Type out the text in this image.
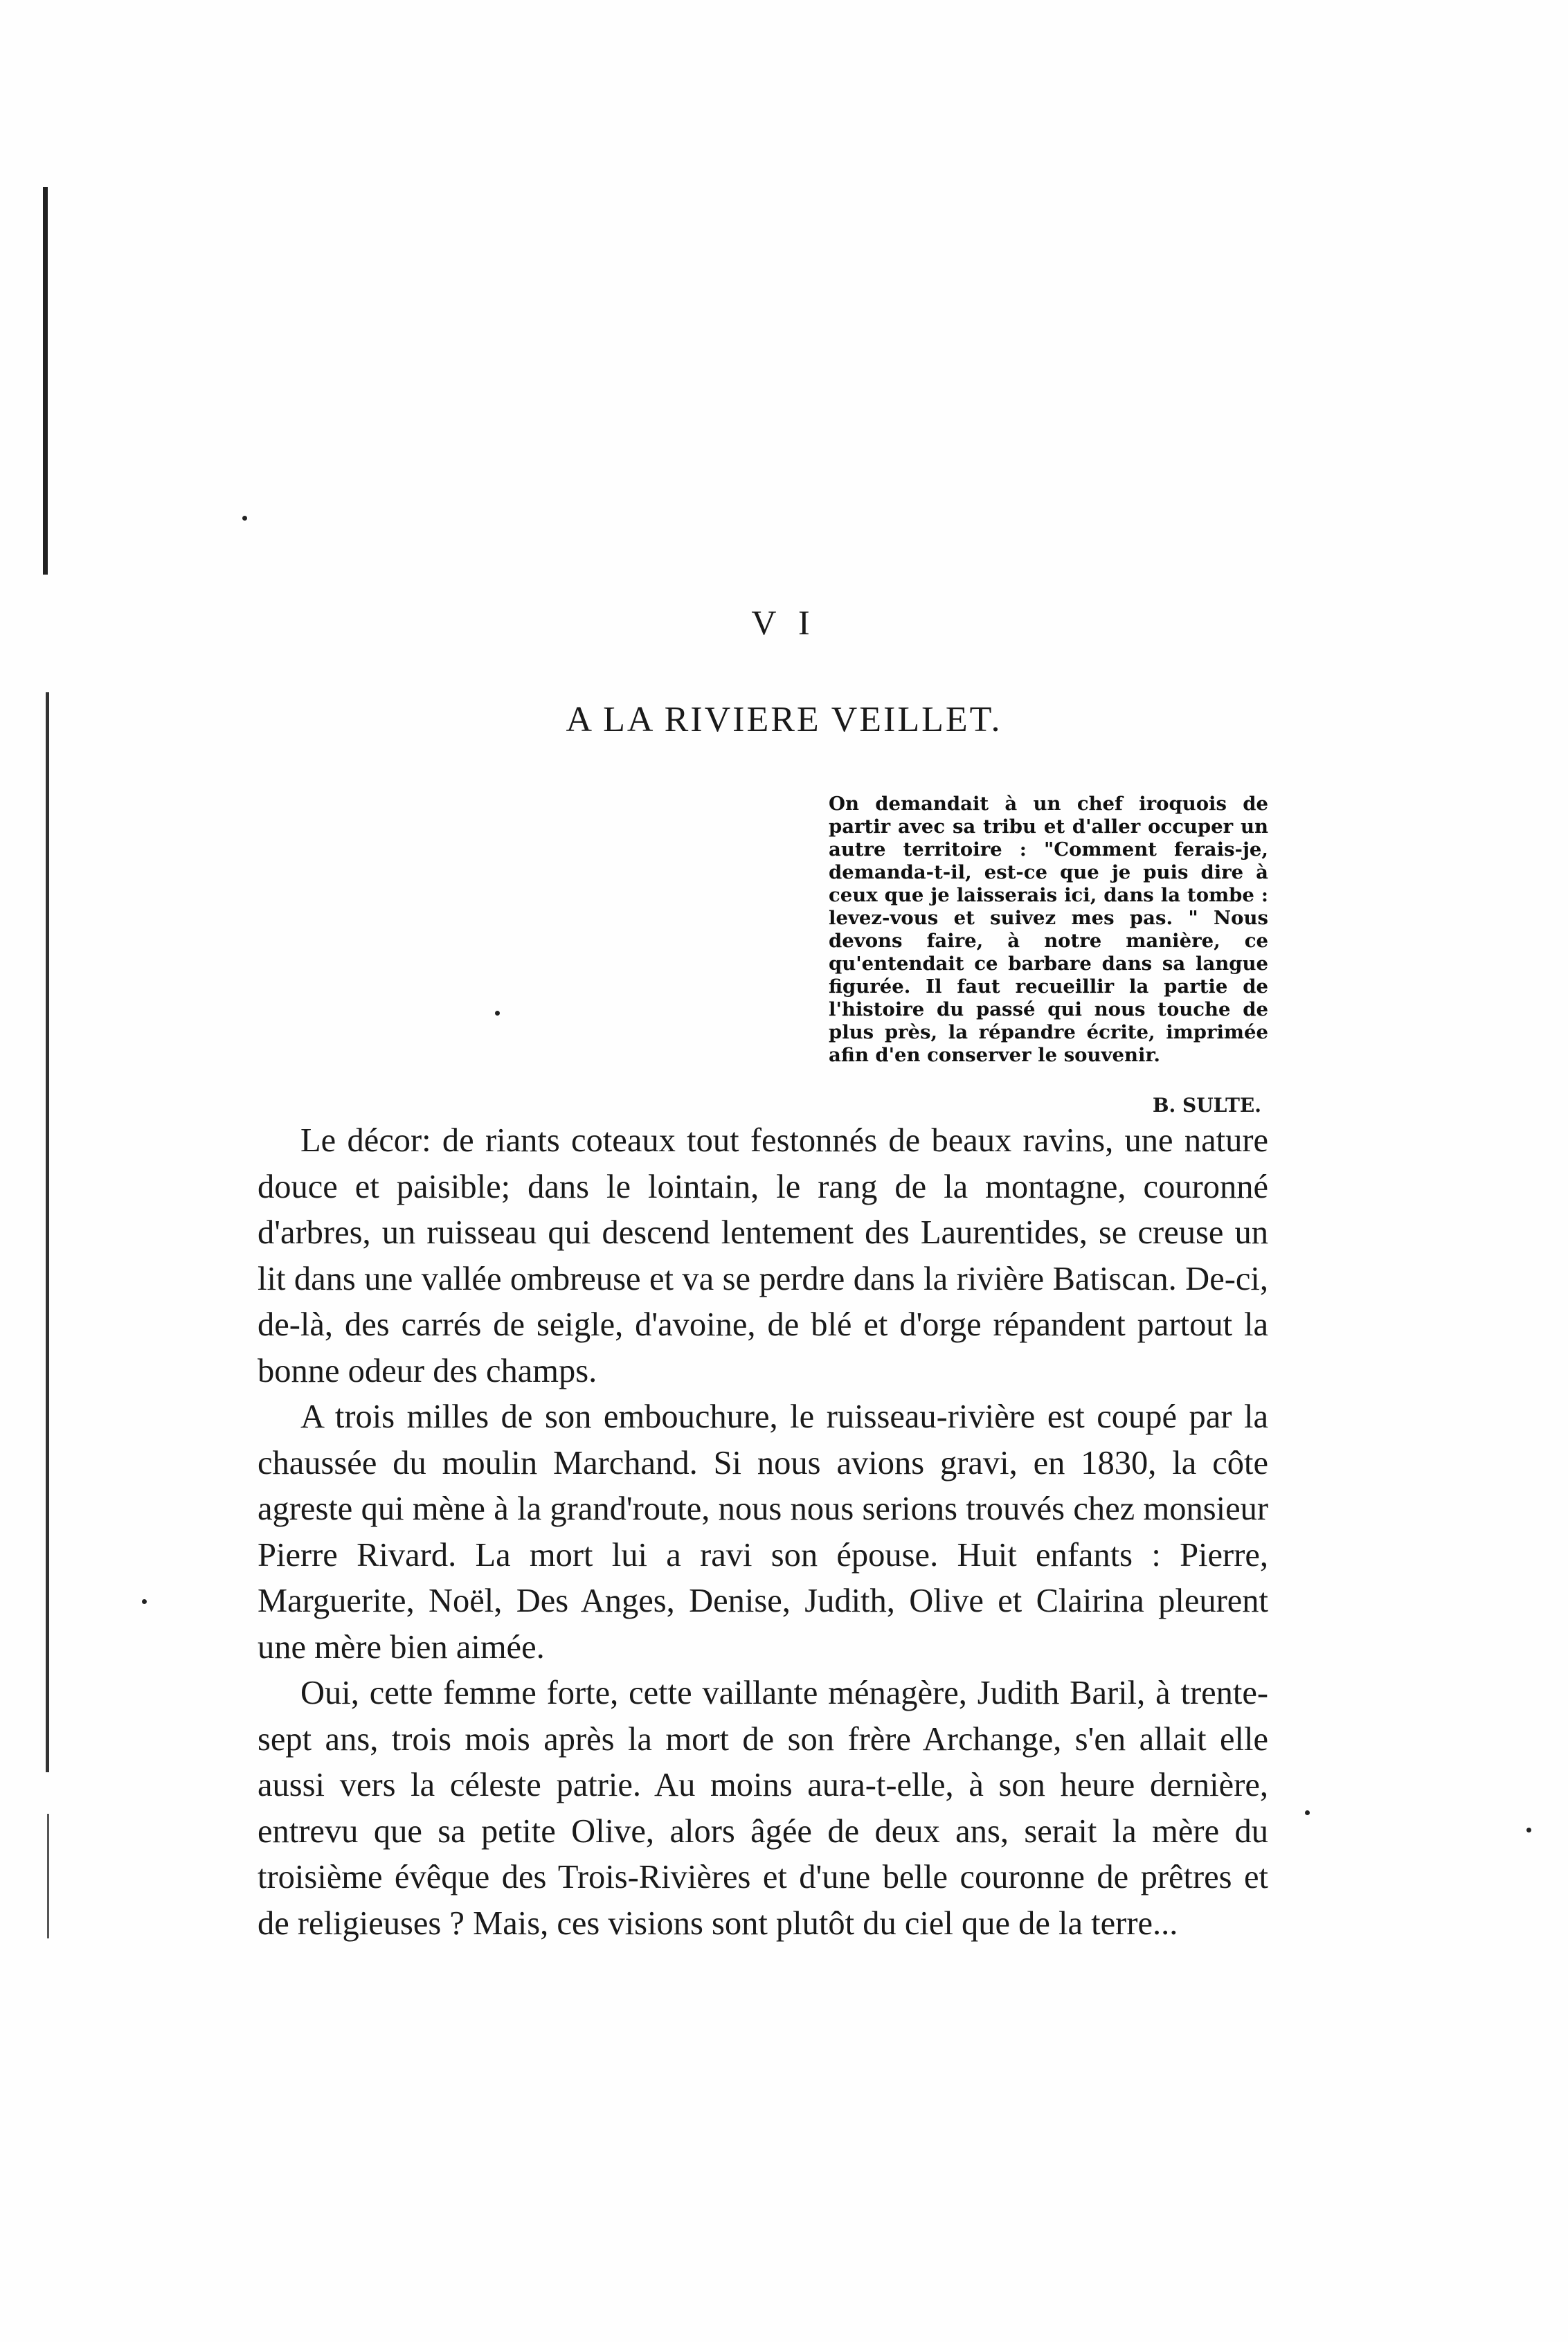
V I
A LA RIVIERE VEILLET.
On demandait à un chef iroquois de partir avec sa tribu et d'aller occuper un autre territoire : "Comment ferais-je, demanda-t-il, est-ce que je puis dire à ceux que je laisserais ici, dans la tombe : levez-vous et suivez mes pas. " Nous devons faire, à notre manière, ce qu'entendait ce barbare dans sa langue figurée. Il faut recueillir la partie de l'histoire du passé qui nous touche de plus près, la répandre écrite, imprimée afin d'en conserver le souvenir.
B. SULTE.

Le décor: de riants coteaux tout festonnés de beaux ravins, une nature douce et paisible; dans le lointain, le rang de la montagne, couronné d'arbres, un ruisseau qui descend lentement des Laurentides, se creuse un lit dans une vallée ombreuse et va se perdre dans la rivière Batiscan. De-ci, de-là, des carrés de seigle, d'avoine, de blé et d'orge répandent partout la bonne odeur des champs.

A trois milles de son embouchure, le ruisseau-rivière est coupé par la chaussée du moulin Marchand. Si nous avions gravi, en 1830, la côte agreste qui mène à la grand'route, nous nous serions trouvés chez monsieur Pierre Rivard. La mort lui a ravi son épouse. Huit enfants : Pierre, Marguerite, Noël, Des Anges, Denise, Judith, Olive et Clairina pleurent une mère bien aimée.

Oui, cette femme forte, cette vaillante ménagère, Judith Baril, à trente-sept ans, trois mois après la mort de son frère Archange, s'en allait elle aussi vers la céleste patrie. Au moins aura-t-elle, à son heure dernière, entrevu que sa petite Olive, alors âgée de deux ans, serait la mère du troisième évêque des Trois-Rivières et d'une belle couronne de prêtres et de religieuses ? Mais, ces visions sont plutôt du ciel que de la terre...
